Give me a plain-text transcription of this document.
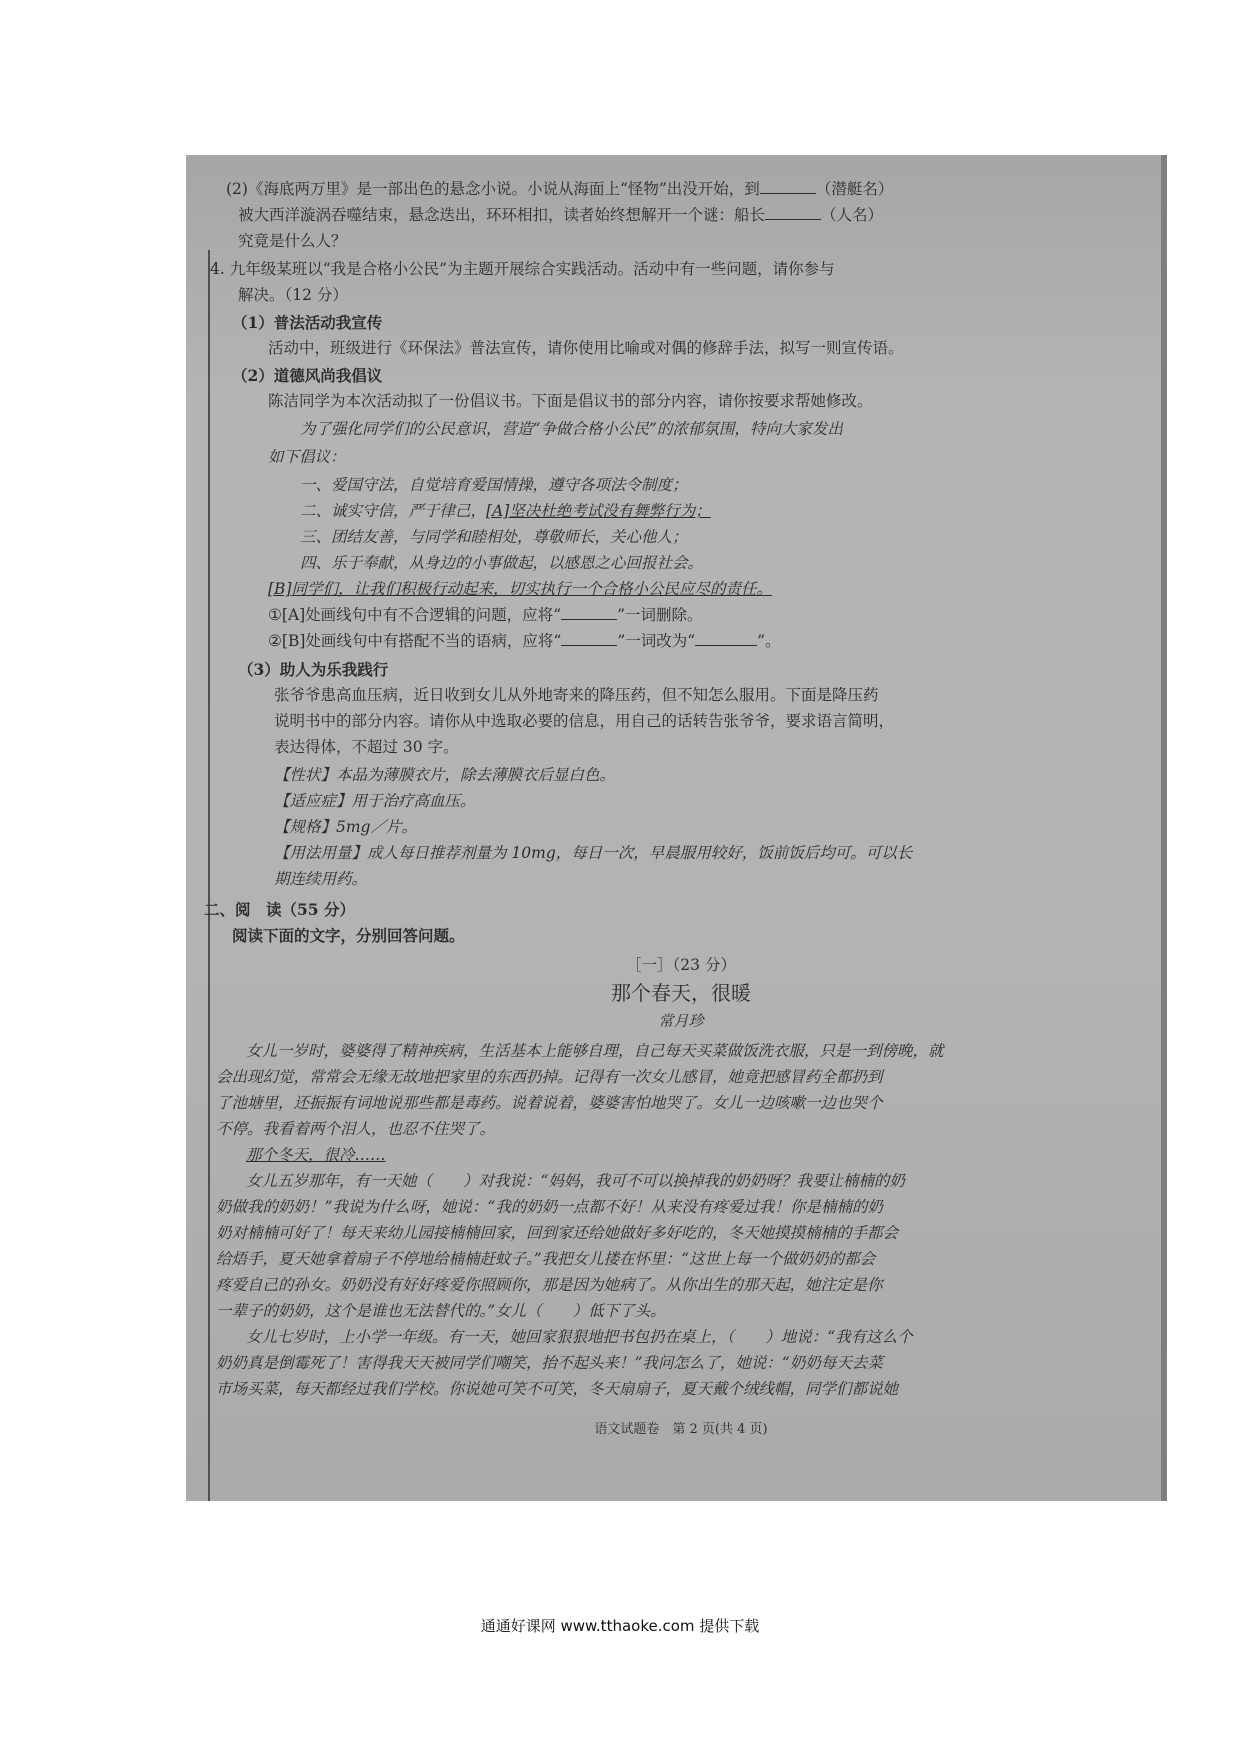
(2)《海底两万里》是一部出色的悬念小说。小说从海面上“怪物”出没开始，到	（潜艇名）
被大西洋漩涡吞噬结束，悬念迭出，环环相扣，读者始终想解开一个谜：船长	（人名）
究竟是什么人？
4. 九年级某班以“我是合格小公民”为主题开展综合实践活动。活动中有一些问题，请你参与
解决。（12 分）
（1）普法活动我宣传
活动中，班级进行《环保法》普法宣传，请你使用比喻或对偶的修辞手法，拟写一则宣传语。
（2）道德风尚我倡议
陈洁同学为本次活动拟了一份倡议书。下面是倡议书的部分内容，请你按要求帮她修改。
为了强化同学们的公民意识，营造“争做合格小公民”的浓郁氛围，特向大家发出
如下倡议：
一、爱国守法，自觉培育爱国情操，遵守各项法令制度；
二、诚实守信，严于律己，[A]坚决杜绝考试没有舞弊行为；
三、团结友善，与同学和睦相处，尊敬师长，关心他人；
四、乐于奉献，从身边的小事做起，以感恩之心回报社会。
[B]同学们，让我们积极行动起来，切实执行一个合格小公民应尽的责任。
①[A]处画线句中有不合逻辑的问题，应将“	”一词删除。
②[B]处画线句中有搭配不当的语病，应将“	”一词改为“	”。
（3）助人为乐我践行
张爷爷患高血压病，近日收到女儿从外地寄来的降压药，但不知怎么服用。下面是降压药
说明书中的部分内容。请你从中选取必要的信息，用自己的话转告张爷爷，要求语言简明，
表达得体，不超过 30 字。
【性状】本品为薄膜衣片，除去薄膜衣后显白色。
【适应症】用于治疗高血压。
【规格】5mg／片。
【用法用量】成人每日推荐剂量为 10mg，每日一次，早晨服用较好，饭前饭后均可。可以长
期连续用药。
二、阅　读（55 分）
阅读下面的文字，分别回答问题。
［一］（23 分）
那个春天，很暖
常月珍
女儿一岁时，婆婆得了精神疾病，生活基本上能够自理，自己每天买菜做饭洗衣服，只是一到傍晚，就
会出现幻觉，常常会无缘无故地把家里的东西扔掉。记得有一次女儿感冒，她竟把感冒药全都扔到
了池塘里，还振振有词地说那些都是毒药。说着说着，婆婆害怕地哭了。女儿一边咳嗽一边也哭个
不停。我看着两个泪人，也忍不住哭了。
那个冬天，很冷……
女儿五岁那年，有一天她（　　）对我说：“妈妈，我可不可以换掉我的奶奶呀？我要让楠楠的奶
奶做我的奶奶！”我说为什么呀，她说：“我的奶奶一点都不好！从来没有疼爱过我！你是楠楠的奶
奶对楠楠可好了！每天来幼儿园接楠楠回家，回到家还给她做好多好吃的，冬天她摸摸楠楠的手都会
给焐手，夏天她拿着扇子不停地给楠楠赶蚊子。”我把女儿搂在怀里：“这世上每一个做奶奶的都会
疼爱自己的孙女。奶奶没有好好疼爱你照顾你，那是因为她病了。从你出生的那天起，她注定是你
一辈子的奶奶，这个是谁也无法替代的。”女儿（　　）低下了头。
女儿七岁时，上小学一年级。有一天，她回家狠狠地把书包扔在桌上，（　　）地说：“我有这么个
奶奶真是倒霉死了！害得我天天被同学们嘲笑，抬不起头来！”我问怎么了，她说：“奶奶每天去菜
市场买菜，每天都经过我们学校。你说她可笑不可笑，冬天扇扇子，夏天戴个绒线帽，同学们都说她
语文试题卷　第 2 页(共 4 页)
通通好课网 www.tthaoke.com 提供下载
